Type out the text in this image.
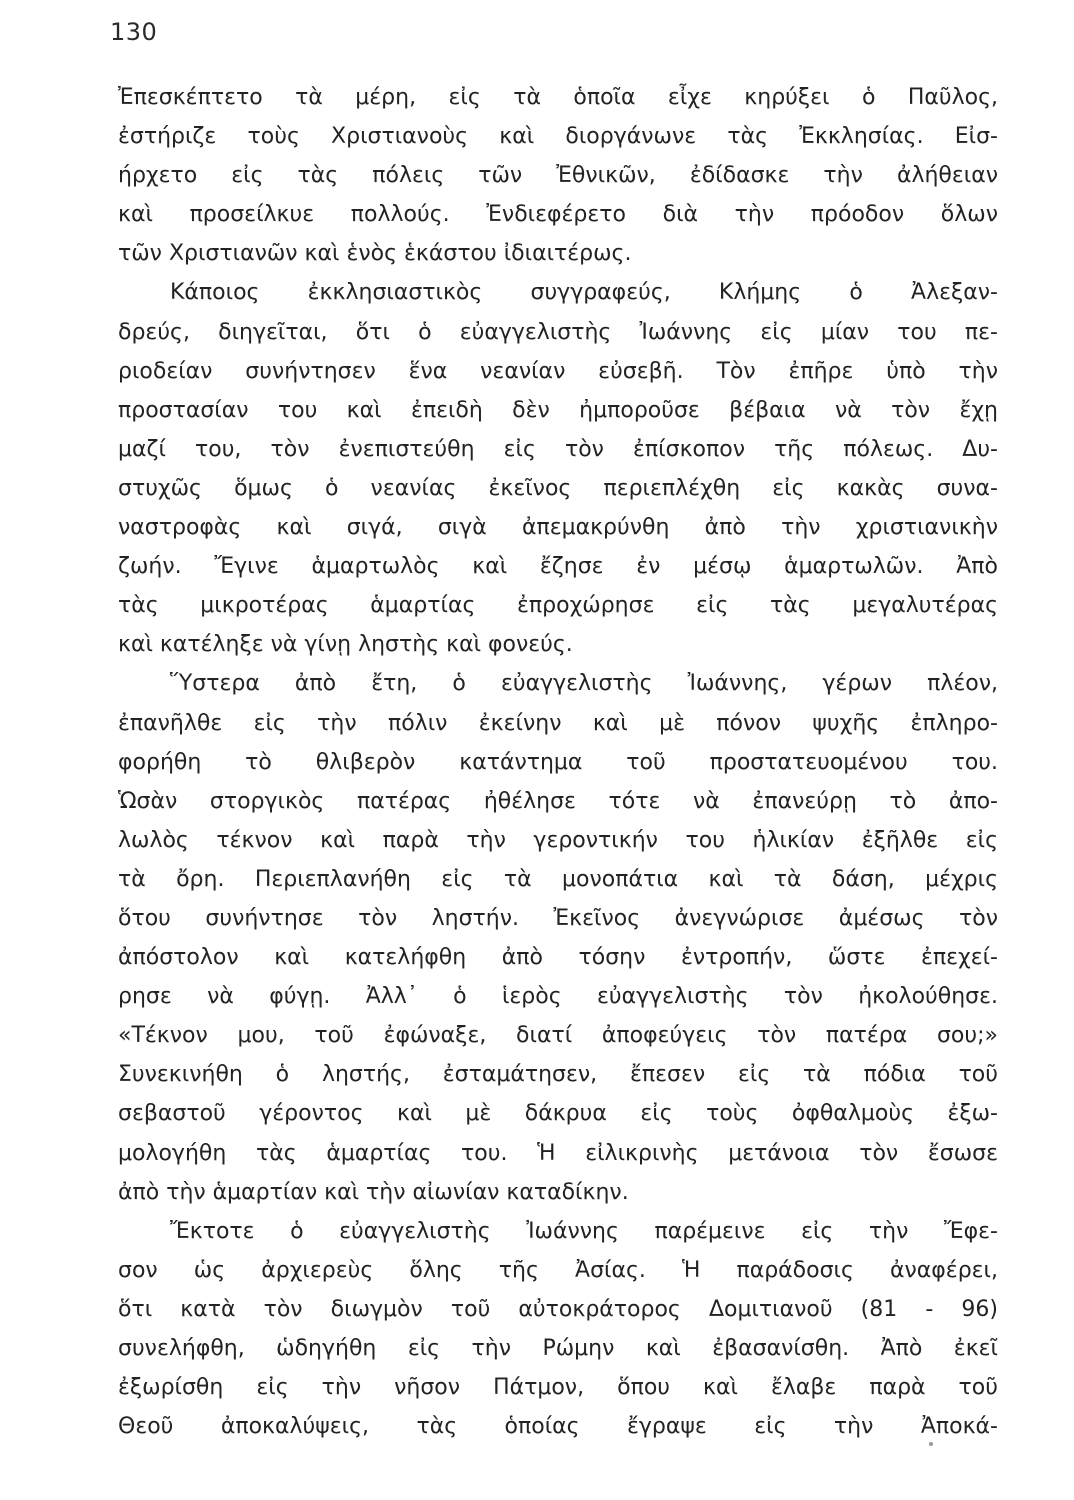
130
Ἐπεσκέπτετο τὰ μέρη, εἰς τὰ ὁποῖα εἶχε κηρύξει ὁ Παῦλος,
ἐστήριζε τοὺς Χριστιανοὺς καὶ διοργάνωνε τὰς Ἐκκλησίας. Εἰσ-
ήρχετο εἰς τὰς πόλεις τῶν Ἐθνικῶν, ἐδίδασκε τὴν ἀλήθειαν
καὶ προσείλκυε πολλούς. Ἐνδιεφέρετο διὰ τὴν πρόοδον ὅλων
τῶν Χριστιανῶν καὶ ἑνὸς ἑκάστου ἰδιαιτέρως.
Κάποιος ἐκκλησιαστικὸς συγγραφεύς, Κλήμης ὁ Ἀλεξαν-
δρεύς, διηγεῖται, ὅτι ὁ εὐαγγελιστὴς Ἰωάννης εἰς μίαν του πε-
ριοδείαν συνήντησεν ἕνα νεανίαν εὐσεβῆ. Τὸν ἐπῆρε ὑπὸ τὴν
προστασίαν του καὶ ἐπειδὴ δὲν ἠμποροῦσε βέβαια νὰ τὸν ἔχῃ
μαζί του, τὸν ἐνεπιστεύθη εἰς τὸν ἐπίσκοπον τῆς πόλεως. Δυ-
στυχῶς ὅμως ὁ νεανίας ἐκεῖνος περιεπλέχθη εἰς κακὰς συνα-
ναστροφὰς καὶ σιγά, σιγὰ ἀπεμακρύνθη ἀπὸ τὴν χριστιανικὴν
ζωήν. Ἔγινε ἁμαρτωλὸς καὶ ἔζησε ἐν μέσῳ ἁμαρτωλῶν. Ἀπὸ
τὰς μικροτέρας ἁμαρτίας ἐπροχώρησε εἰς τὰς μεγαλυτέρας
καὶ κατέληξε νὰ γίνῃ ληστὴς καὶ φονεύς.
Ὕστερα ἀπὸ ἔτη, ὁ εὐαγγελιστὴς Ἰωάννης, γέρων πλέον,
ἐπανῆλθε εἰς τὴν πόλιν ἐκείνην καὶ μὲ πόνον ψυχῆς ἐπληρο-
φορήθη τὸ θλιβερὸν κατάντημα τοῦ προστατευομένου του.
Ὡσὰν στοργικὸς πατέρας ἠθέλησε τότε νὰ ἐπανεύρῃ τὸ ἀπο-
λωλὸς τέκνον καὶ παρὰ τὴν γεροντικήν του ἡλικίαν ἐξῆλθε εἰς
τὰ ὄρη. Περιεπλανήθη εἰς τὰ μονοπάτια καὶ τὰ δάση, μέχρις
ὅτου συνήντησε τὸν ληστήν. Ἐκεῖνος ἀνεγνώρισε ἀμέσως τὸν
ἀπόστολον καὶ κατελήφθη ἀπὸ τόσην ἐντροπήν, ὥστε ἐπεχεί-
ρησε νὰ φύγῃ. Ἀλλ᾽ ὁ ἱερὸς εὐαγγελιστὴς τὸν ἠκολούθησε.
«Τέκνον μου, τοῦ ἐφώναξε, διατί ἀποφεύγεις τὸν πατέρα σου;»
Συνεκινήθη ὁ ληστής, ἐσταμάτησεν, ἔπεσεν εἰς τὰ πόδια τοῦ
σεβαστοῦ γέροντος καὶ μὲ δάκρυα εἰς τοὺς ὀφθαλμοὺς ἐξω-
μολογήθη τὰς ἁμαρτίας του. Ἡ εἰλικρινὴς μετάνοια τὸν ἔσωσε
ἀπὸ τὴν ἁμαρτίαν καὶ τὴν αἰωνίαν καταδίκην.
Ἔκτοτε ὁ εὐαγγελιστὴς Ἰωάννης παρέμεινε εἰς τὴν Ἔφε-
σον ὡς ἀρχιερεὺς ὅλης τῆς Ἀσίας. Ἡ παράδοσις ἀναφέρει,
ὅτι κατὰ τὸν διωγμὸν τοῦ αὐτοκράτορος Δομιτιανοῦ (81 - 96)
συνελήφθη, ὡδηγήθη εἰς τὴν Ρώμην καὶ ἐβασανίσθη. Ἀπὸ ἐκεῖ
ἐξωρίσθη εἰς τὴν νῆσον Πάτμον, ὅπου καὶ ἔλαβε παρὰ τοῦ
Θεοῦ ἀποκαλύψεις, τὰς ὁποίας ἔγραψε εἰς τὴν Ἀποκά-
